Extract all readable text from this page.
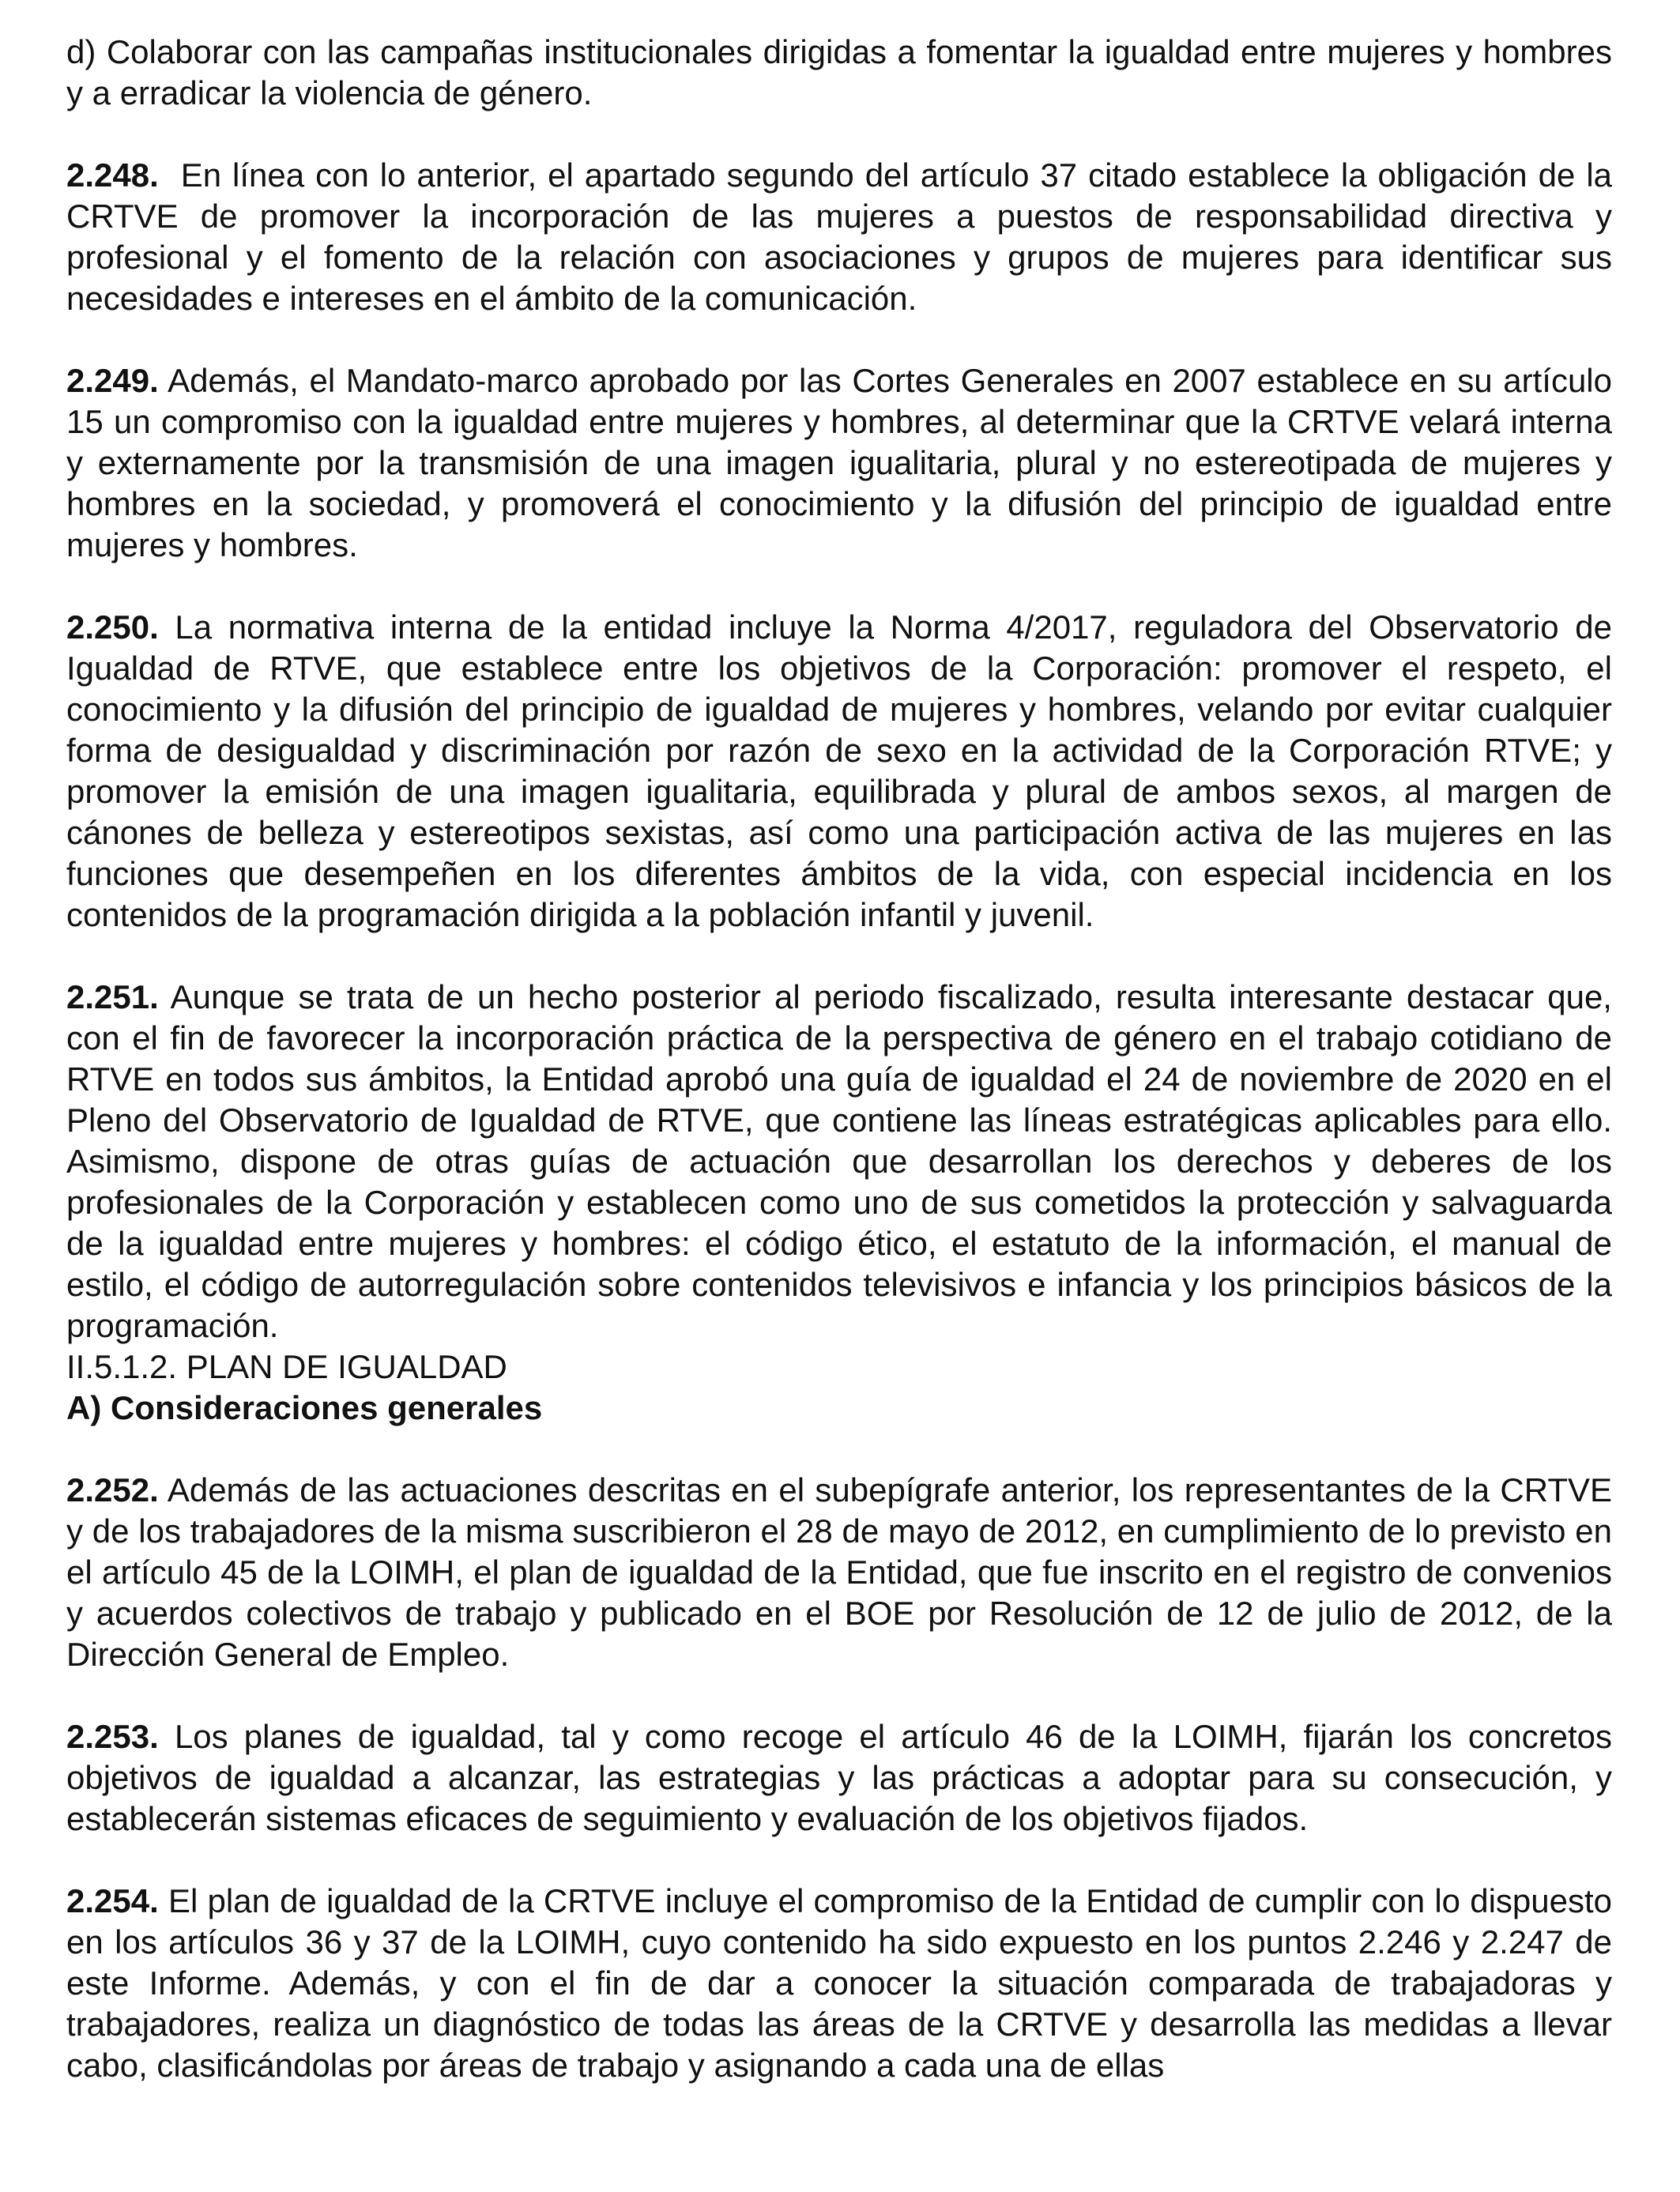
d) Colaborar con las campañas institucionales dirigidas a fomentar la igualdad entre mujeres y hombres y a erradicar la violencia de género.

2.248. En línea con lo anterior, el apartado segundo del artículo 37 citado establece la obligación de la CRTVE de promover la incorporación de las mujeres a puestos de responsabilidad directiva y profesional y el fomento de la relación con asociaciones y grupos de mujeres para identificar sus necesidades e intereses en el ámbito de la comunicación.

2.249. Además, el Mandato-marco aprobado por las Cortes Generales en 2007 establece en su artículo 15 un compromiso con la igualdad entre mujeres y hombres, al determinar que la CRTVE velará interna y externamente por la transmisión de una imagen igualitaria, plural y no estereotipada de mujeres y hombres en la sociedad, y promoverá el conocimiento y la difusión del principio de igualdad entre mujeres y hombres.

2.250. La normativa interna de la entidad incluye la Norma 4/2017, reguladora del Observatorio de Igualdad de RTVE, que establece entre los objetivos de la Corporación: promover el respeto, el conocimiento y la difusión del principio de igualdad de mujeres y hombres, velando por evitar cualquier forma de desigualdad y discriminación por razón de sexo en la actividad de la Corporación RTVE; y promover la emisión de una imagen igualitaria, equilibrada y plural de ambos sexos, al margen de cánones de belleza y estereotipos sexistas, así como una participación activa de las mujeres en las funciones que desempeñen en los diferentes ámbitos de la vida, con especial incidencia en los contenidos de la programación dirigida a la población infantil y juvenil.

2.251. Aunque se trata de un hecho posterior al periodo fiscalizado, resulta interesante destacar que, con el fin de favorecer la incorporación práctica de la perspectiva de género en el trabajo cotidiano de RTVE en todos sus ámbitos, la Entidad aprobó una guía de igualdad el 24 de noviembre de 2020 en el Pleno del Observatorio de Igualdad de RTVE, que contiene las líneas estratégicas aplicables para ello. Asimismo, dispone de otras guías de actuación que desarrollan los derechos y deberes de los profesionales de la Corporación y establecen como uno de sus cometidos la protección y salvaguarda de la igualdad entre mujeres y hombres: el código ético, el estatuto de la información, el manual de estilo, el código de autorregulación sobre contenidos televisivos e infancia y los principios básicos de la programación.

II.5.1.2. PLAN DE IGUALDAD

A) Consideraciones generales

2.252. Además de las actuaciones descritas en el subepígrafe anterior, los representantes de la CRTVE y de los trabajadores de la misma suscribieron el 28 de mayo de 2012, en cumplimiento de lo previsto en el artículo 45 de la LOIMH, el plan de igualdad de la Entidad, que fue inscrito en el registro de convenios y acuerdos colectivos de trabajo y publicado en el BOE por Resolución de 12 de julio de 2012, de la Dirección General de Empleo.

2.253. Los planes de igualdad, tal y como recoge el artículo 46 de la LOIMH, fijarán los concretos objetivos de igualdad a alcanzar, las estrategias y las prácticas a adoptar para su consecución, y establecerán sistemas eficaces de seguimiento y evaluación de los objetivos fijados.

2.254. El plan de igualdad de la CRTVE incluye el compromiso de la Entidad de cumplir con lo dispuesto en los artículos 36 y 37 de la LOIMH, cuyo contenido ha sido expuesto en los puntos 2.246 y 2.247 de este Informe. Además, y con el fin de dar a conocer la situación comparada de trabajadoras y trabajadores, realiza un diagnóstico de todas las áreas de la CRTVE y desarrolla las medidas a llevar cabo, clasificándolas por áreas de trabajo y asignando a cada una de ellas
